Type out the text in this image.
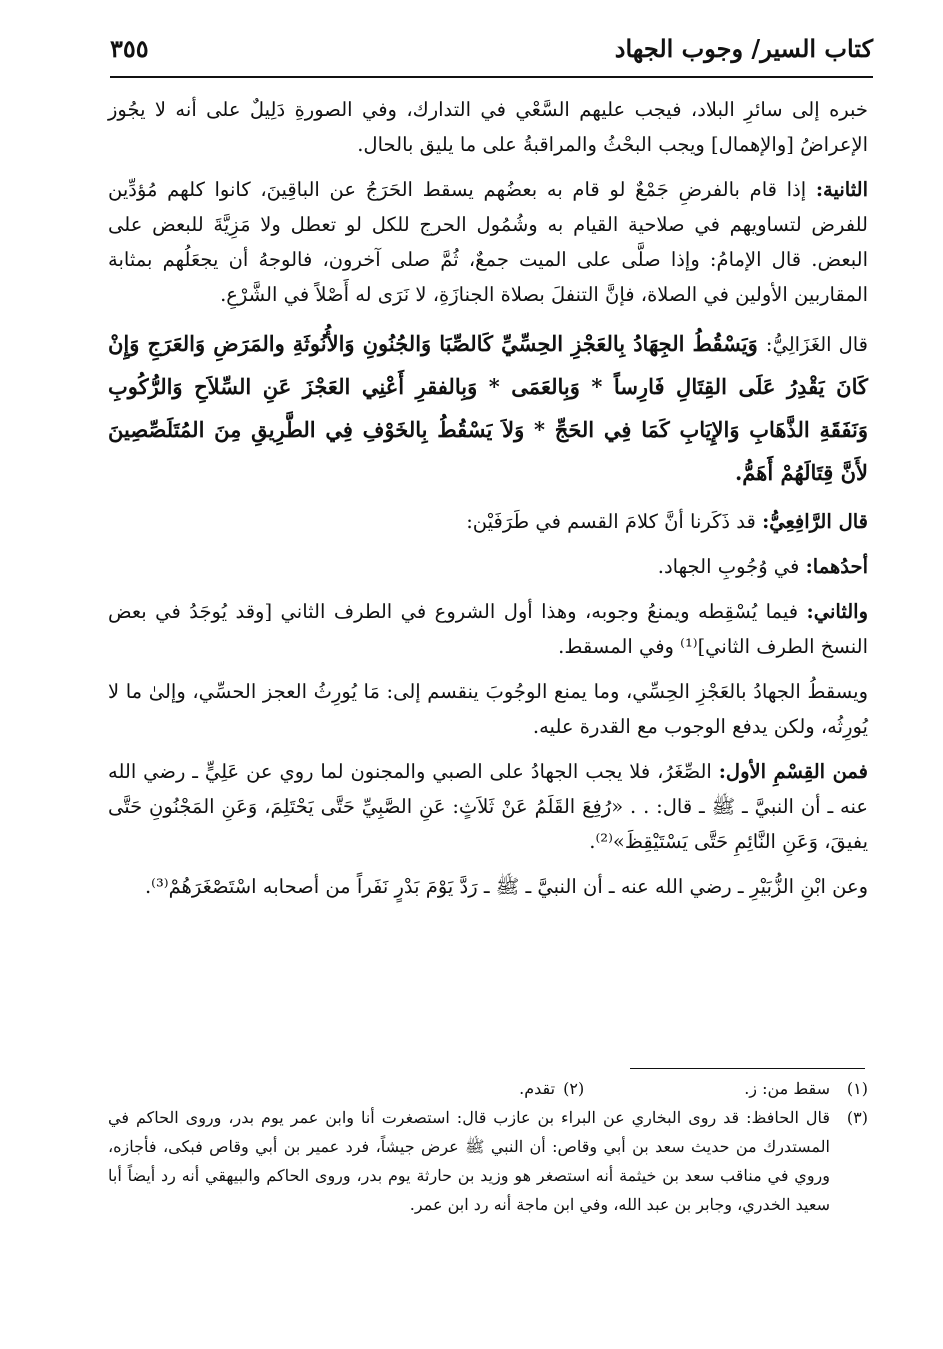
كتاب السير/ وجوب الجهاد
٣٥٥

خبره إلى سائرِ البلاد، فيجب عليهم السَّعْي في التدارك، وفي الصورةِ دَلِيلٌ على أنه لا يجُوز الإعراضُ [والإهمال] ويجب البحْثُ والمراقبةُ على ما يليق بالحال.

الثانية: إذا قام بالفرضِ جَمْعٌ لو قام به بعضُهم يسقط الحَرَجُ عن الباقِينَ، كانوا كلهم مُؤدِّين للفرض لتساويهم في صلاحية القيام به وشُمُول الحرج للكل لو تعطل ولا مَزِيَّةَ للبعض على البعض. قال الإمامُ: وإذا صلَّى على الميت جمعٌ، ثُمَّ صلى آخرون، فالوجهُ أن يجعَلُهم بمثابة المقاربين الأولين في الصلاة، فإنَّ التنفلَ بصلاة الجنازَةِ، لا نَرَى له أَصْلاً في الشَّرْعِ.

قال الغَزَالِيُّ: وَيَسْقُطُ الجِهَادُ بِالعَجْزِ الحِسِّيِّ كَالصِّبَا وَالجُنُونِ وَالأُنُوثَةِ والمَرَضِ وَالعَرَجِ وَإِنْ كَانَ يَقْدِرُ عَلَى القِتَالِ فَارِساً * وَبِالعَمَى * وَبِالفقرِ أَعْنِي العَجْزَ عَنِ السِّلاَحِ وَالرُّكُوبِ وَنَفَقَةِ الذَّهَابِ وَالإِيَابِ كَمَا فِي الحَجِّ * وَلاَ يَسْقُطُ بِالخَوْفِ فِي الطَّرِيقِ مِنَ المُتَلَصِّصِينَ لأَنَّ قِتَالَهُمْ أَهَمُّ.

قال الرَّافِعِيُّ: قد ذَكَرنا أنَّ كلامَ القسم في طَرَفَيْن:

أحدُهما: في وُجُوبِ الجهاد.

والثاني: فيما يُسْقِطه ويمنعُ وجوبه، وهذا أول الشروع في الطرف الثاني [وقد يُوجَدُ في بعض النسخ الطرف الثاني]⁽¹⁾ وفي المسقط.

ويسقطُ الجهادُ بالعَجْزِ الحِسِّي، وما يمنع الوجُوبَ ينقسم إلى: مَا يُورِثُ العجز الحسِّي، وإلىٰ ما لا يُورِثُه، ولكن يدفع الوجوب مع القدرة عليه.

فمن القِسْمِ الأول: الصِّغَرُ، فلا يجب الجهادُ على الصبي والمجنون لما روي عن عَلِيٍّ ـ رضي الله عنه ـ أن النبيَّ ـ ﷺ ـ قال: . . «رُفِعَ القَلَمُ عَنْ ثَلاَثٍ: عَنِ الصَّبِيِّ حَتَّى يَحْتَلِمَ، وَعَنِ المَجْنُونِ حَتَّى يفيقَ، وَعَنِ النَّائِمِ حَتَّى يَسْتَيْقِظَ»⁽²⁾.

وعن ابْنِ الزُّبَيْرِ ـ رضي الله عنه ـ أن النبيَّ ـ ﷺ ـ رَدَّ يَوْمَ بَدْرٍ نَفَراً من أصحابه اسْتَصْغَرَهُمْ⁽³⁾.

(١)
سقط من: ز.
(٢)
تقدم.
(٣)
قال الحافظ: قد روى البخاري عن البراء بن عازب قال: استصغرت أنا وابن عمر يوم بدر، وروى الحاكم في المستدرك من حديث سعد بن أبي وقاص: أن النبي ﷺ عرض جيشاً، فرد عمير بن أبي وقاص فبكى، فأجازه، وروي في مناقب سعد بن خيثمة أنه استصغر هو وزيد بن حارثة يوم بدر، وروى الحاكم والبيهقي أنه رد أيضاً أبا سعيد الخدري، وجابر بن عبد الله، وفي ابن ماجة أنه رد ابن عمر.
